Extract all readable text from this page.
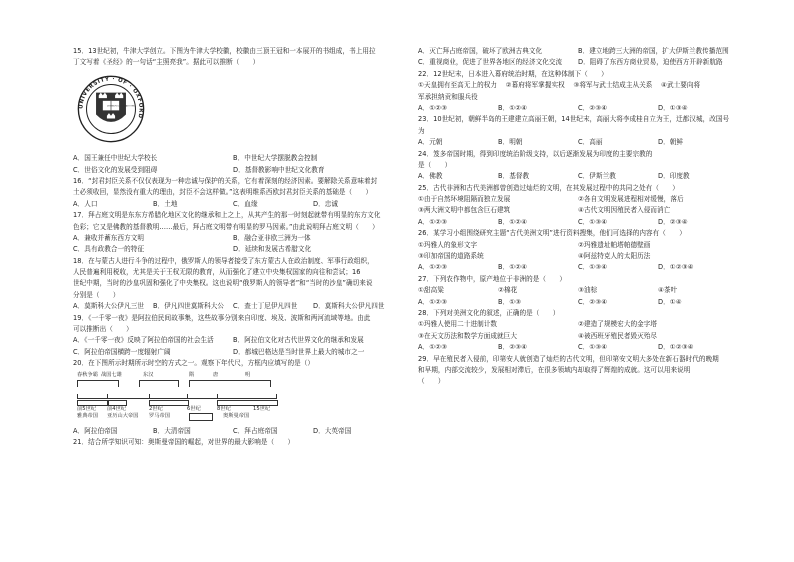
15．13世纪初，牛津大学创立。下图为牛津大学校徽，校徽由三顶王冠和一本展开的书组成，书上用拉
丁文写着《圣经》的一句话“主照亮我”。据此可以推断（　　）
UNIVERSITY · OF · OXFORD
DOMINVS ILLUMINATIO MEA
A．国王兼任中世纪大学校长	B．中世纪大学摆脱教会控制
C．世俗文化的发展受到阻碍	D．基督教影响中世纪文化教育
16．“封君封臣关系不仅仅表现为一种忠诚与保护的关系，它有着深刻的经济因素。要解除关系意味着封
土必须收回，显然没有重大的理由，封臣不会这样做。”这表明维系西欧封君封臣关系的基础是（　　）
A．人口	B．土地	C．血缘	D．忠诚
17．拜占庭文明是东东方希腊化地区文化的继承和上之上，从其产生的那一时刻起就带有明显的东方文化
色彩；它又是佛教的基督教明……最后，拜占庭文明带有明显的罗马因素。”由此说明拜占庭文明（　　）
A．兼收并蓄东西方文明	B．融合亚非欧三洲为一体
C．具有政教合一的特征	D．延续和发展古希腊文化
18．在与蒙古人进行斗争的过程中，俄罗斯人的领导者接受了东方蒙古人在政治制度、军事行政组织，
人民普遍利用税收，尤其是关于王权无限的教育，从而强化了建立中央集权国家的向往和尝试；16
世纪中期，当时的沙皇巩固和强化了中央集权。这也说明“俄罗斯人的领导者”和“当时的沙皇”确切来说
分别是（　　）
A．莫斯科大公伊凡三世	B．伊凡四世莫斯科大公	C．查士丁尼伊凡四世	D．莫斯科大公伊凡四世
19．《一千零一夜》是阿拉伯民间故事集，这些故事分别来自印度、埃及、波斯和两河流域等地。由此
可以推断出（　　）
A．《一千零一夜》反映了阿拉伯帝国的社会生活	B．阿拉伯文化对古代世界文化的继承和发展
C．阿拉伯帝国横跨一度辐射广阔	D．都城巴格达是当时世界上最大的城市之一
20．在下图所示时期所示时空的方式之一。观察下年代尺，方框内应填写的是（）
春秋争霸 战国七雄	东汉	隋	唐	明
前5世纪 前4世纪	2世纪	6世纪	8世纪	15世纪
雅典帝国 亚历山大帝国 罗马帝国	奥斯曼帝国
A．阿拉伯帝国	B．大清帝国	C．拜占庭帝国	D．大英帝国
21．结合所学知识可知：奥斯曼帝国的崛起，对世界的最大影响是（　　）
A．灭亡拜占庭帝国，破坏了欧洲古典文化	B．建立地跨三大洲的帝国，扩大伊斯兰教传播范围
C．重视商业，促进了世界各地区的经济文化交流	D．阻碍了东西方商业贸易，迫使西方开辟新航路
22．12世纪末，日本进入幕府统治时期，在这种体制下（　　）
①天皇拥有至高无上的权力 ②幕府将军掌握实权 ③将军与武士结成主从关系 ④武士要向将
军承担纳贡和服兵役
A．①②③	B．①②④	C．②③④	D．①③④
23．10世纪初，朝鲜半岛的王建建立高丽王朝，14世纪末，高丽大将李成桂自立为王，迁都汉城，改国号
为
A．元朝	B．明朝	C．高丽	D．朝鲜
24．笈多帝国时期，得到印度统治阶级支持，以后逐渐发展为印度的主要宗教的
是（　　）
A．佛教	B．基督教	C．伊斯兰教	D．印度教
25．古代非洲和古代美洲都曾创造过灿烂的文明，在其发展过程中的共同之处有（　　）
①由于自然环境阻隔而独立发展	②各自文明发展进程相对缓慢，落后
③两大洲文明中都包含巨石建筑	④古代文明因殖民者入侵而消亡
A．①②③	B．①②④	C．①③④	D．②③④
26．某学习小组围绕研究主题“古代美洲文明”进行资料搜集，他们可选择的内容有（　　）
①玛雅人的象形文字	②玛雅遗址帕塔帕德壁画
③印加帝国的道路系统	④阿兹特克人的太阳历法
A．①②③	B．①②④	C．①③④	D．①②③④
27．下列农作物中，原产地位于非洲的是（　　）
①甜高粱	②棉花	③油棕	④茶叶
A．①②③	B．①③	C．②③④	D．①④
28．下列对美洲文化的叙述，正确的是（　　）
①玛雅人使用二十进制计数	②建造了规模宏大的金字塔
③在天文历法和数学方面成就巨大	④被西班牙殖民者毁灭殆尽
A．①②③	B．②③④	C．①③④	D．①②③④
29．早在殖民者入侵前，印第安人就创造了灿烂的古代文明，但印第安文明大多处在新石器时代的晚期
和早期，内部交流较少，发展相对滞后，在很多领域内却取得了辉煌的成就。这可以用来说明
（　　）
